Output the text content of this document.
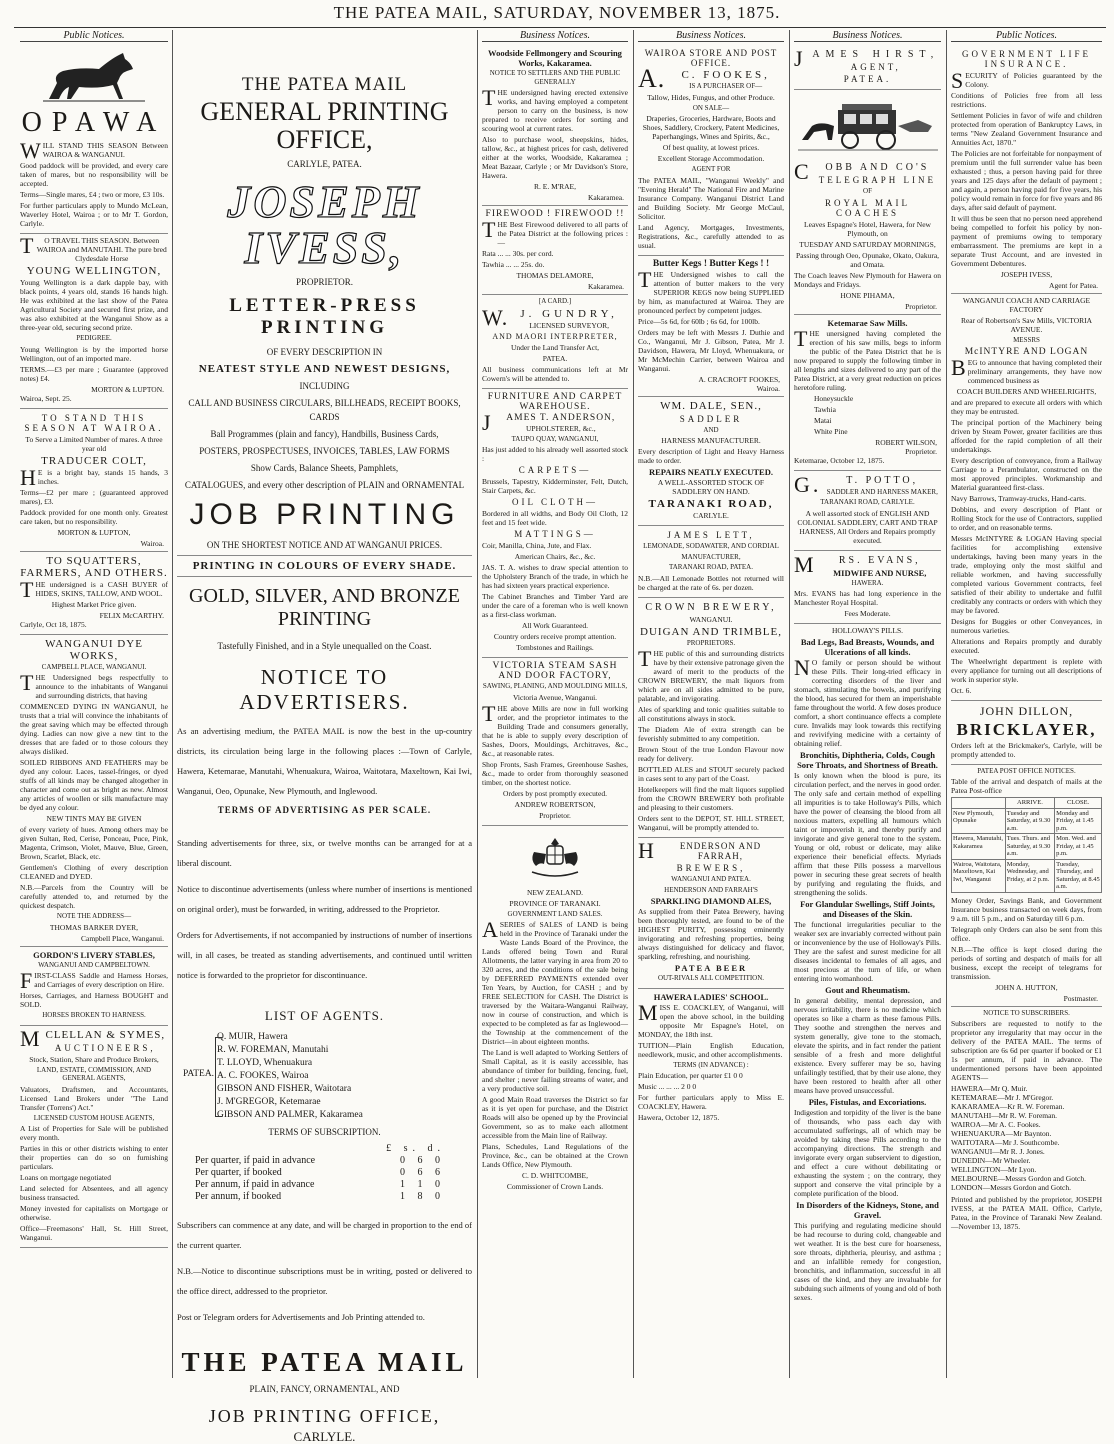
THE PATEA MAIL, SATURDAY, NOVEMBER 13, 1875.
Public Notices.
OPAWA
WILL STAND THIS SEASON Between WAIROA & WANGANUI.
Good paddock will be provided, and every care taken of mares, but no responsibility will be accepted.
Terms—Single mares, £4 ; two or more, £3 10s.
For further particulars apply to Mundo McLean, Waverley Hotel, Wairoa ; or to Mr T. Gordon, Carlyle.
T O TRAVEL THIS SEASON. Between WAIROA and MANUTAHI. The pure bred Clydesdale Horse
YOUNG WELLINGTON,
Young Wellington is a dark dapple bay, with black points, 4 years old, stands 16 hands high. He was exhibited at the last show of the Patea Agricultural Society and secured first prize, and was also exhibited at the Wanganui Show as a three-year old, securing second prize.
PEDIGREE.
Young Wellington is by the imported horse Wellington, out of an imported mare.
TERMS.—£3 per mare ; Guarantee (approved notes) £4.
MORTON & LUPTON.
Wairoa, Sept. 25.
TO STAND THIS SEASON AT WAIROA.
To Serve a Limited Number of mares. A three year old
TRADUCER COLT,
H E is a bright bay, stands 15 hands, 3 inches.
Terms—£2 per mare ; (guaranteed approved mares), £3.
Paddock provided for one month only. Greatest care taken, but no responsibility.
MORTON & LUPTON,
Wairoa.
TO SQUATTERS, FARMERS, AND OTHERS.
THE undersigned is a CASH BUYER of HIDES, SKINS, TALLOW, AND WOOL.
Highest Market Price given.
FELIX McCARTHY.
Carlyle, Oct 18, 1875.
WANGANUI DYE WORKS,
CAMPBELL PLACE, WANGANUI.
THE Undersigned begs respectfully to announce to the inhabitants of Wanganui and surrounding districts, that having
COMMENCED DYING IN WANGANUI, he trusts that a trial will convince the inhabitants of the great saving which may be effected through dying. Ladies can now give a new tint to the dresses that are faded or to those colours they always disliked.
SOILED RIBBONS AND FEATHERS may be dyed any colour. Laces, tassel-fringes, or dyed stuffs of all kinds may be changed altogether in character and come out as bright as new. Almost any articles of woollen or silk manufacture may be dyed any colour.
NEW TINTS MAY BE GIVEN
of every variety of hues. Among others may be given Sultan, Red, Cerise, Ponceau, Puce, Pink, Magenta, Crimson, Violet, Mauve, Blue, Green, Brown, Scarlet, Black, etc.
Gentlemen's Clothing of every description CLEANED and DYED.
N.B.—Parcels from the Country will be carefully attended to, and returned by the quickest despatch.
NOTE THE ADDRESS—
THOMAS BARKER DYER,
Campbell Place, Wanganui.
GORDON'S LIVERY STABLES,
WANGANUI AND CAMPBELTOWN.
FIRST-CLASS Saddle and Harness Horses, and Carriages of every description on Hire.
Horses, Carriages, and Harness BOUGHT and SOLD.
HORSES BROKEN TO HARNESS.
MCLELLAN & SYMES,
AUCTIONEERS,
Stock, Station, Share and Produce Brokers,
LAND, ESTATE, COMMISSION, AND GENERAL AGENTS,
Valuators, Draftsmen, and Accountants, Licensed Land Brokers under "The Land Transfer (Torrens') Act."
LICENSED CUSTOM HOUSE AGENTS,
A List of Properties for Sale will be published every month.
Parties in this or other districts wishing to enter their properties can do so on furnishing particulars.
Loans on mortgage negotiated
Land selected for Absentees, and all agency business transacted.
Money invested for capitalists on Mortgage or otherwise.
Office—Freemasons' Hall, St. Hill Street, Wanganui.
THE PATEA MAIL
GENERAL PRINTING OFFICE,
CARLYLE, PATEA.
JOSEPH IVESS,
PROPRIETOR.
LETTER-PRESS PRINTING
OF EVERY DESCRIPTION IN
NEATEST STYLE AND NEWEST DESIGNS,
INCLUDING
CALL AND BUSINESS CIRCULARS, BILLHEADS, RECEIPT BOOKS, CARDS
Ball Programmes (plain and fancy), Handbills, Business Cards,
POSTERS, PROSPECTUSES, INVOICES, TABLES, LAW FORMS
Show Cards, Balance Sheets, Pamphlets,
CATALOGUES, and every other description of PLAIN and ORNAMENTAL
JOB PRINTING
ON THE SHORTEST NOTICE AND AT WANGANUI PRICES.
PRINTING IN COLOURS OF EVERY SHADE.
GOLD, SILVER, AND BRONZE PRINTING
Tastefully Finished, and in a Style unequalled on the Coast.
NOTICE TO ADVERTISERS.
As an advertising medium, the PATEA MAIL is now the best in the up-country districts, its circulation being large in the following places :—Town of Carlyle, Hawera, Ketemarae, Manutahi, Whenuakura, Wairoa, Waitotara, Maxeltown, Kai Iwi, Wanganui, Oeo, Opunake, New Plymouth, and Inglewood.
TERMS OF ADVERTISING AS PER SCALE.
Standing advertisements for three, six, or twelve months can be arranged for at a liberal discount.
Notice to discontinue advertisements (unless where number of insertions is mentioned on original order), must be forwarded, in writing, addressed to the Proprietor.
Orders for Advertisements, if not accompanied by instructions of number of insertions will, in all cases, be treated as standing advertisements, and continued until written notice is forwarded to the proprietor for discontinuance.
LIST OF AGENTS.
PATEA.
Q. MUIR, Hawera
R. W. FOREMAN, Manutahi
T. LLOYD, Whenuakura
A. C. FOOKES, Wairoa
GIBSON AND FISHER, Waitotara
J. M'GREGOR, Ketemarae
GIBSON AND PALMER, Kakaramea
TERMS OF SUBSCRIPTION.
£ s. d.
Per quarter, if paid in advance	0 6 0
Per quarter, if booked	0 6 6
Per annum, if paid in advance	1 1 0
Per annum, if booked	1 8 0
Subscribers can commence at any date, and will be charged in proportion to the end of the current quarter.
N.B.—Notice to discontinue subscriptions must be in writing, posted or delivered to the office direct, addressed to the proprietor.
Post or Telegram orders for Advertisements and Job Printing attended to.
THE PATEA MAIL
PLAIN, FANCY, ORNAMENTAL, AND
JOB PRINTING OFFICE,
CARLYLE.
Business Notices.
Woodside Fellmongery and Scouring Works, Kakaramea.
NOTICE TO SETTLERS AND THE PUBLIC GENERALLY
THE undersigned having erected extensive works, and having employed a competent person to carry on the business, is now prepared to receive orders for sorting and scouring wool at current rates.
Also to purchase wool, sheepskins, hides, tallow, &c., at highest prices for cash, delivered either at the works, Woodside, Kakaramea ; Meat Bazaar, Carlyle ; or Mr Davidson's Store, Hawera.
R. E. M'RAE,
Kakaramea.
FIREWOOD ! FIREWOOD !!
THE Best Firewood delivered to all parts of the Patea District at the following prices :—
Rata ... ... 30s. per cord.
Tawhia ... ... 25s. do.
THOMAS DELAMORE,
Kakaramea.
[A CARD.]
W. J. GUNDRY,
LICENSED SURVEYOR,
AND MAORI INTERPRETER,
Under the Land Transfer Act,
PATEA.
All business communications left at Mr Cowern's will be attended to.
FURNITURE AND CARPET WAREHOUSE.
J AMES T. ANDERSON,
UPHOLSTERER, &c.,
TAUPO QUAY, WANGANUI,
Has just added to his already well assorted stock :
CARPETS—
Brussels, Tapestry, Kidderminster, Felt, Dutch, Stair Carpets, &c.
OIL CLOTH—
Bordered in all widths, and Body Oil Cloth, 12 feet and 15 feet wide.
MATTINGS—
Coir, Manilla, China, Jute, and Flax.
American Chairs, &c., &c.
JAS. T. A. wishes to draw special attention to the Upholstery Branch of the trade, in which he has had sixteen years practical experience.
The Cabinet Branches and Timber Yard are under the care of a foreman who is well known as a first-class workman.
All Work Guaranteed.
Country orders receive prompt attention.
Tombstones and Railings.
VICTORIA STEAM SASH AND DOOR FACTORY,
SAWING, PLANING, AND MOULDING MILLS,
Victoria Avenue, Wanganui.
THE above Mills are now in full working order, and the proprietor intimates to the Building Trade and consumers generally, that he is able to supply every description of Sashes, Doors, Mouldings, Architraves, &c., &c., at reasonable rates.
Shop Fronts, Sash Frames, Greenhouse Sashes, &c., made to order from thoroughly seasoned timber, on the shortest notice.
Orders by post promptly executed.
ANDREW ROBERTSON,
Proprietor.
NEW ZEALAND.
PROVINCE OF TARANAKI.
GOVERNMENT LAND SALES.
ASERIES of SALES of LAND is being held in the Province of Taranaki under the Waste Lands Board of the Province, the Lands offered being Town and Rural Allotments, the latter varying in area from 20 to 320 acres, and the conditions of the sale being by DEFERRED PAYMENTS extended over Ten Years, by Auction, for CASH ; and by FREE SELECTION for CASH. The District is traversed by the Waitara-Wanganui Railway, now in course of construction, and which is expected to be completed as far as Inglewood—the Township at the commencement of the District—in about eighteen months.
The Land is well adapted to Working Settlers of Small Capital, as it is easily accessible, has abundance of timber for building, fencing, fuel, and shelter ; never failing streams of water, and a very productive soil.
A good Main Road traverses the District so far as it is yet open for purchase, and the District Roads will also be opened up by the Provincial Government, so as to make each allotment accessible from the Main line of Railway.
Plans, Schedules, Land Regulations of the Province, &c., can be obtained at the Crown Lands Office, New Plymouth.
C. D. WHITCOMBE,
Commissioner of Crown Lands.
Business Notices.
WAIROA STORE AND POST OFFICE.
A. C. FOOKES,
IS A PURCHASER OF—
Tallow, Hides, Fungus, and other Produce.
ON SALE—
Draperies, Groceries, Hardware, Boots and Shoes, Saddlery, Crockery, Patent Medicines, Paperhangings, Wines and Spirits, &c.,
Of best quality, at lowest prices.
Excellent Storage Accommodation.
AGENT FOR
The PATEA MAIL, "Wanganui Weekly" and "Evening Herald" The National Fire and Marine Insurance Company. Wanganui District Land and Building Society. Mr George McCaul, Solicitor.
Land Agency, Mortgages, Investments, Registrations, &c., carefully attended to as usual.
Butter Kegs ! Butter Kegs ! !
THE Undersigned wishes to call the attention of butter makers to the very SUPERIOR KEGS now being SUPPLIED by him, as manufactured at Wairoa. They are pronounced perfect by competent judges.
Price—5s 6d, for 60lb ; 6s 6d, for 100lb.
Orders may be left with Messrs J. Duthie and Co., Wanganui, Mr J. Gibson, Patea, Mr J. Davidson, Hawera, Mr Lloyd, Whenuakura, or Mr McMechin Carrier, between Wairoa and Wanganui.
A. CRACROFT FOOKES,
Wairoa.
WM. DALE, SEN.,
SADDLER
AND
HARNESS MANUFACTURER.
Every description of Light and Heavy Harness made to order.
REPAIRS NEATLY EXECUTED.
A WELL-ASSORTED STOCK OF SADDLERY ON HAND.
TARANAKI ROAD,
CARLYLE.
JAMES LETT,
LEMONADE, SODAWATER, AND CORDIAL
MANUFACTURER,
TARANAKI ROAD, PATEA.
N.B.—All Lemonade Bottles not returned will be charged at the rate of 6s. per dozen.
CROWN BREWERY,
WANGANUI.
DUIGAN AND TRIMBLE,
PROPRIETORS.
THE public of this and surrounding districts have by their extensive patronage given the award of merit to the products of the CROWN BREWERY, the malt liquors from which are on all sides admitted to be pure, palatable, and invigorating.
Ales of sparkling and tonic qualities suitable to all constitutions always in stock.
The Diadem Ale of extra strength can be feverishly submitted to any competition.
Brown Stout of the true London Flavour now ready for delivery.
BOTTLED ALES and STOUT securely packed in cases sent to any part of the Coast.
Hotelkeepers will find the malt liquors supplied from the CROWN BREWERY both profitable and pleasing to their customers.
Orders sent to the DEPOT, ST. HILL STREET, Wanganui, will be promptly attended to.
H	ENDERSON AND FARRAH,
BREWERS,
WANGANUI AND PATEA.
HENDERSON AND FARRAH'S
SPARKLING DIAMOND ALES,
As supplied from their Patea Brewery, having been thoroughly tested, are found to be of the HIGHEST PURITY, possessing eminently invigorating and refreshing properties, being always distinguished for delicacy and flavor, sparkling, refreshing, and nourishing.
PATEA BEER
OUT-RIVALS ALL COMPETITION.
HAWERA LADIES' SCHOOL.
MISS E. COACKLEY, of Wanganui, will open the above school, in the building opposite Mr Espagne's Hotel, on MONDAY, the 18th inst.
TUITION—Plain English Education, needlework, music, and other accomplishments.
TERMS (IN ADVANCE) :
Plain Education, per quarter £1 0 0
Music ... ... ... 2 0 0
For further particulars apply to Miss E. COACKLEY, Hawera.
Hawera, October 12, 1875.
Business Notices.
JAMES HIRST,
AGENT,
PATEA.
C OBB AND CO'S
TELEGRAPH LINE
OF
ROYAL MAIL COACHES
Leaves Espagne's Hotel, Hawera, for New Plymouth, on
TUESDAY AND SATURDAY MORNINGS,
Passing through Oeo, Opunake, Okato, Oakura, and Omata.
The Coach leaves New Plymouth for Hawera on Mondays and Fridays.
HONE PIHAMA,
Proprietor.
Ketemarae Saw Mills.
THE unersigned having completed the erection of his saw mills, begs to inform the public of the Patea District that he is now prepared to supply the following timber in all lengths and sizes delivered to any part of the Patea District, at a very great reduction on prices heretofore ruling.
Honeysuckle
Tawhia
Matai
White Pine
ROBERT WILSON,
Proprietor.
Ketemarae, October 12, 1875.
G. T. POTTO,
SADDLER AND HARNESS MAKER,
TARANAKI ROAD, CARLYLE.
A well assorted stock of ENGLISH AND COLONIAL SADDLERY, CART AND TRAP HARNESS, All Orders and Repairs promptly executed.
M RS. EVANS,
MIDWIFE AND NURSE,
HAWERA.
Mrs. EVANS has had long experience in the Manchester Royal Hospital.
Fees Moderate.
HOLLOWAY'S PILLS.
Bad Legs, Bad Breasts, Wounds, and Ulcerations of all kinds.
N O family or person should be without these Pills. Their long-tried efficacy in correcting disorders of the liver and stomach, stimulating the bowels, and purifying the blood, has secured for them an imperishable fame throughout the world. A few doses produce comfort, a short continuance effects a complete cure. Invalids may look towards this rectifying and revivifying medicine with a certainty of obtaining relief.
Bronchitis, Diphtheria, Colds, Cough Sore Throats, and Shortness of Breath.
Is only known when the blood is pure, its circulation perfect, and the nerves in good order. The only safe and certain method of expelling all impurities is to take Holloway's Pills, which have the power of cleansing the blood from all noxious matters, expelling all humours which taint or impoverish it, and thereby purify and invigorate and give general tone to the system. Young or old, robust or delicate, may alike experience their beneficial effects. Myriads affirm that these Pills possess a marvellous power in securing these great secrets of health by purifying and regulating the fluids, and strengthening the solids.
For Glandular Swellings, Stiff Joints, and Diseases of the Skin.
The functional irregularities peculiar to the weaker sex are invariably corrected without pain or inconvenience by the use of Holloway's Pills. They are the safest and surest medicine for all diseases incidental to females of all ages, and most precious at the turn of life, or when entering into womanhood.
Gout and Rheumatism.
In general debility, mental depression, and nervous irritability, there is no medicine which operates so like a charm as these famous Pills. They soothe and strengthen the nerves and system generally, give tone to the stomach, elevate the spirits, and in fact render the patient sensible of a fresh and more delightful existence. Every sufferer may be so, having unfailingly testified, that by their use alone, they have been restored to health after all other means have proved unsuccessful.
Piles, Fistulas, and Excoriations.
Indigestion and torpidity of the liver is the bane of thousands, who pass each day with accumulated sufferings, all of which may be avoided by taking these Pills according to the accompanying directions. The strength and invigorate every organ subservient to digestion, and effect a cure without debilitating or exhausting the system ; on the contrary, they support and conserve the vital principle by a complete purification of the blood.
In Disorders of the Kidneys, Stone, and Gravel.
This purifying and regulating medicine should be had recourse to during cold, changeable and wet weather. It is the best cure for hoarseness, sore throats, diphtheria, pleurisy, and asthma ; and an infallible remedy for congestion, bronchitis, and inflammation, successful in all cases of the kind, and they are invaluable for subduing such ailments of young and old of both sexes.
Public Notices.
GOVERNMENT LIFE INSURANCE.
SECURITY of Policies guaranteed by the Colony.
Conditions of Policies free from all less restrictions.
Settlement Policies in favor of wife and children protected from operation of Bankruptcy Laws, in terms "New Zealand Government Insurance and Annuities Act, 1870."
The Policies are not forfeitable for nonpayment of premium until the full surrender value has been exhausted ; thus, a person having paid for three years and 125 days after the default of payment ; and again, a person having paid for five years, his policy would remain in force for five years and 86 days, after said default of payment.
It will thus be seen that no person need apprehend being compelled to forfeit his policy by non-payment of premiums owing to temporary embarrassment. The premiums are kept in a separate Trust Account, and are invested in Government Debentures.
JOSEPH IVESS,
Agent for Patea.
WANGANUI COACH AND CARRIAGE FACTORY
Rear of Robertson's Saw Mills, VICTORIA AVENUE.
MESSRS
McINTYRE AND LOGAN
BEG to announce that having completed their preliminary arrangements, they have now commenced business as
COACH BUILDERS AND WHEELRIGHTS,
and are prepared to execute all orders with which they may be entrusted.
The principal portion of the Machinery being driven by Steam Power, greater facilities are thus afforded for the rapid completion of all their undertakings.
Every description of conveyance, from a Railway Carriage to a Perambulator, constructed on the most approved principles. Workmanship and Material guaranteed first-class.
Navy Barrows, Tramway-trucks, Hand-carts.
Dobbins, and every description of Plant or Rolling Stock for the use of Contractors, supplied to order, and on reasonable terms.
Messrs McINTYRE & LOGAN Having special facilities for accomplishing extensive undertakings, having been many years in the trade, employing only the most skilful and reliable workmen, and having successfully completed various Government contracts, feel satisfied of their ability to undertake and fulfil creditably any contracts or orders with which they may be favored.
Designs for Buggies or other Conveyances, in numerous varieties.
Alterations and Repairs promptly and durably executed.
The Wheelwright department is replete with every appliance for turning out all descriptions of work in superior style.
Oct. 6.
JOHN DILLON,
BRICKLAYER,
Orders left at the Brickmaker's, Carlyle, will be promptly attended to.
PATEA POST OFFICE NOTICES.
Table of the arrival and despatch of mails at the Patea Post-office
	ARRIVE.	CLOSE.
New Plymouth, Opunake	Tuesday and Saturday, at 9.30 a.m.	Monday and Friday, at 1.45 p.m.
Hawera, Manutahi, Kakaramea	Tues. Thurs. and Saturday, at 9.30 a.m.	Mon. Wed. and Friday, at 1.45 p.m.
Wairoa, Waitotara, Maxeltown, Kai Iwi, Wanganui	Monday, Wednesday, and Friday, at 2 p.m.	Tuesday, Thursday, and Saturday, at 8.45 a.m.
Money Order, Savings Bank, and Government Insurance business transacted on week days, from 9 a.m. till 5 p.m., and on Saturday till 6 p.m.
Telegraph only Orders can also be sent from this office.
N.B.—The office is kept closed during the periods of sorting and despatch of mails for all business, except the receipt of telegrams for transmission.
JOHN A. HUTTON,
Postmaster.
NOTICE TO SUBSCRIBERS.
Subscribers are requested to notify to the proprietor any irregularity that may occur in the delivery of the PATEA MAIL. The terms of subscription are 6s 6d per quarter if booked or £1 1s per annum, if paid in advance. The undermentioned persons have been appointed AGENTS—
HAWERA—Mr Q. Muir.
KETEMARAE—Mr J. M'Gregor.
KAKARAMEA—Kr R. W. Foreman.
MANUTAHI—Mr R. W. Foreman.
WAIROA—Mr A. C. Fookes.
WHENUAKURA—Mr Baynton.
WAITOTARA—Mr J. Southcombe.
WANGANUI—Mr R. J. Jones.
DUNEDIN—Mr Wheeler.
WELLINGTON—Mr Lyon.
MELBOURNE—Messrs Gordon and Gotch.
LONDON—Messrs Gordon and Gotch.
Printed and published by the proprietor, JOSEPH IVESS, at the PATEA MAIL Office, Carlyle, Patea, in the Province of Taranaki New Zealand.—November 13, 1875.
